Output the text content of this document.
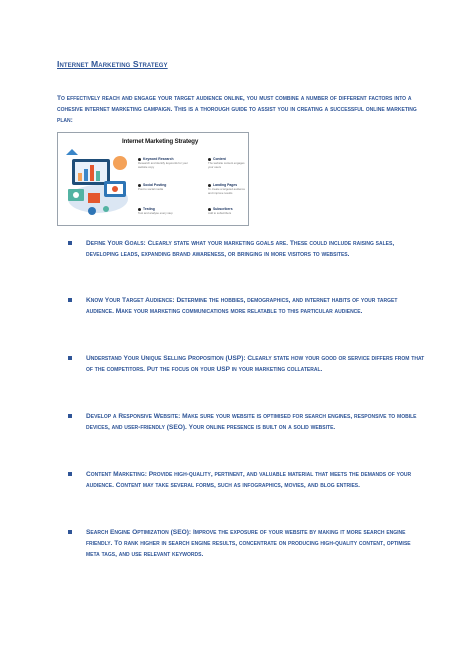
Internet Marketing Strategy
To effectively reach and engage your target audience online, you must combine a number of different factors into a cohesive internet marketing campaign. This is a thorough guide to assist you in creating a successful online marketing plan:
Internet Marketing Strategy
Keyword Research
Research and identify keywords for your website copy
Content
The website content engages your users
Social Posting
Post to social media
Landing Pages
To create a targeted audience and improve results
Testing
Test and analyse every step
Subscribers
Add to subscribers
Define Your Goals: Clearly state what your marketing goals are. These could include raising sales, developing leads, expanding brand awareness, or bringing in more visitors to websites.
Know Your Target Audience: Determine the hobbies, demographics, and internet habits of your target audience. Make your marketing communications more relatable to this particular audience.
Understand Your Unique Selling Proposition (USP): Clearly state how your good or service differs from that of the competitors. Put the focus on your USP in your marketing collateral.
Develop a Responsive Website: Make sure your website is optimised for search engines, responsive to mobile devices, and user-friendly (SEO). Your online presence is built on a solid website.
Content Marketing: Provide high-quality, pertinent, and valuable material that meets the demands of your audience. Content may take several forms, such as infographics, movies, and blog entries.
Search Engine Optimization (SEO): Improve the exposure of your website by making it more search engine friendly. To rank higher in search engine results, concentrate on producing high-quality content, optimise meta tags, and use relevant keywords.
